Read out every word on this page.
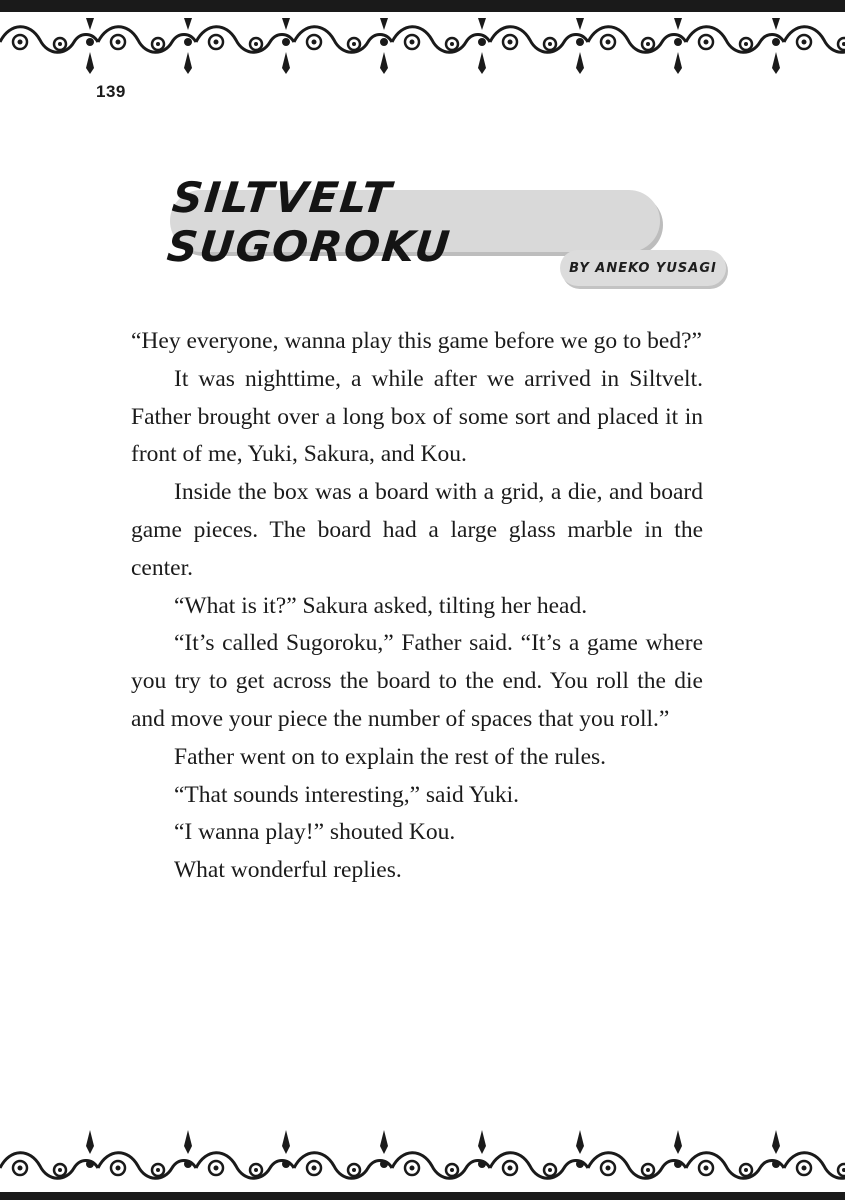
139
SILTVELT SUGOROKU	BY ANEKO YUSAGI

“Hey everyone, wanna play this game before we go to bed?”

It was nighttime, a while after we arrived in Siltvelt. Father brought over a long box of some sort and placed it in front of me, Yuki, Sakura, and Kou.

Inside the box was a board with a grid, a die, and board game pieces. The board had a large glass marble in the center.

“What is it?” Sakura asked, tilting her head.

“It’s called Sugoroku,” Father said. “It’s a game where you try to get across the board to the end. You roll the die and move your piece the number of spaces that you roll.”

Father went on to explain the rest of the rules.

“That sounds interesting,” said Yuki.

“I wanna play!” shouted Kou.

What wonderful replies.
